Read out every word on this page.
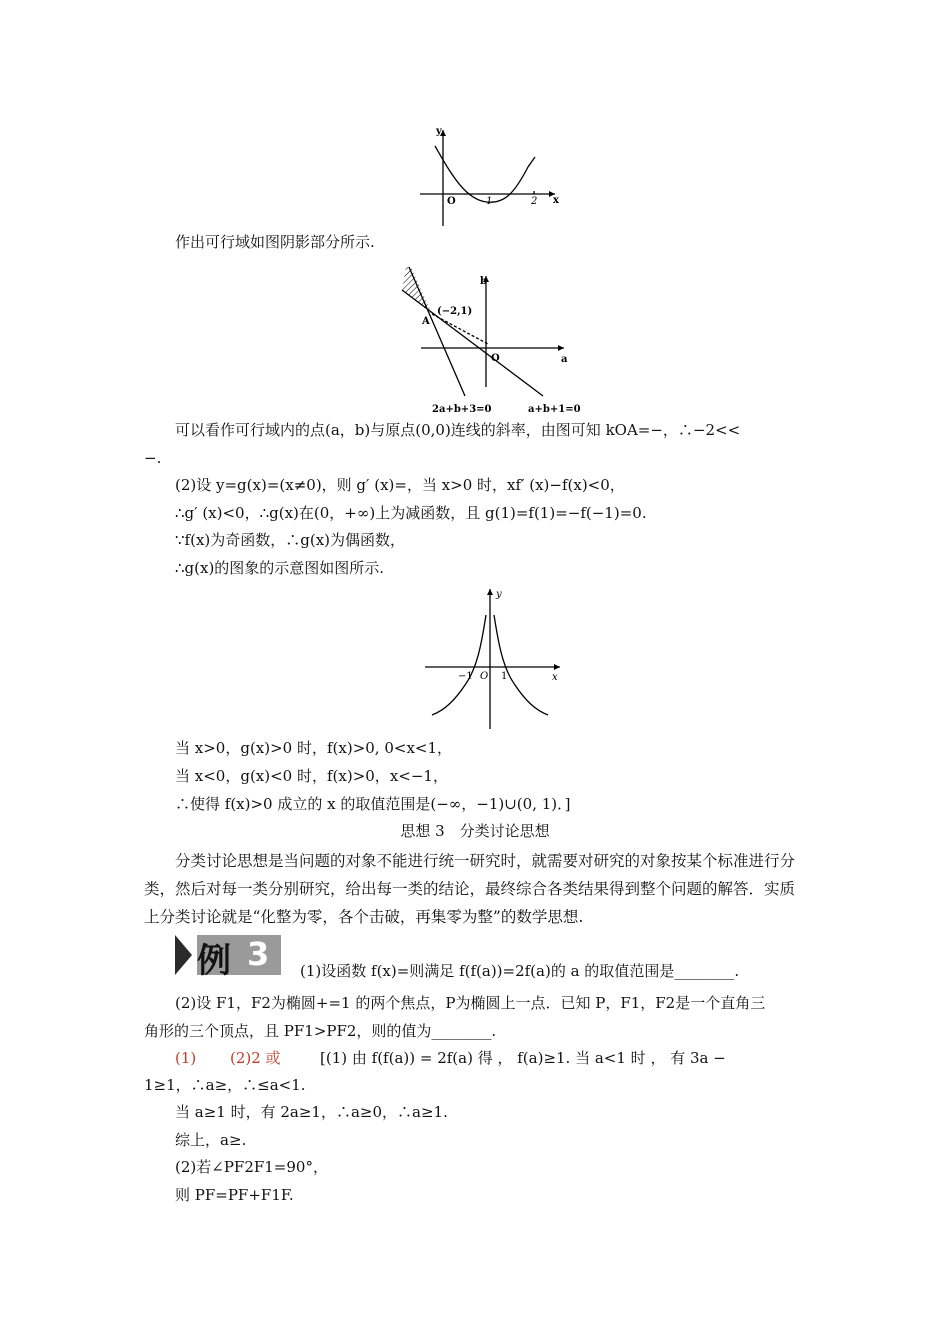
y
O	1	2 x
作出可行域如图阴影部分所示.
b
a
O
A
(−2,1)
2a+b+3=0	a+b+1=0
可以看作可行域内的点(a，b)与原点(0,0)连线的斜率，由图可知 kOA=−，∴−2<<
−.
(2)设 y=g(x)=(x≠0)，则 g′ (x)=，当 x>0 时，xf′ (x)−f(x)<0，
∴g′ (x)<0，∴g(x)在(0，+∞)上为减函数，且 g(1)=f(1)=−f(−1)=0.
∵f(x)为奇函数，∴g(x)为偶函数，
∴g(x)的图象的示意图如图所示.
y
−1 O 1	x
当 x>0，g(x)>0 时，f(x)>0, 0<x<1，
当 x<0，g(x)<0 时，f(x)>0，x<−1，
∴使得 f(x)>0 成立的 x 的取值范围是(−∞，−1)∪(0, 1)．]
思想 3　分类讨论思想
分类讨论思想是当问题的对象不能进行统一研究时，就需要对研究的对象按某个标准进行分类，然后对每一类分别研究，给出每一类的结论，最终综合各类结果得到整个问题的解答．实质上分类讨论就是“化整为零，各个击破，再集零为整”的数学思想.
例 3 (1)设函数 f(x)=则满足 f(f(a))=2f(a)的 a 的取值范围是________.
(2)设 F1，F2为椭圆+=1 的两个焦点，P为椭圆上一点．已知 P，F1，F2是一个直角三
角形的三个顶点，且 PF1>PF2，则的值为________.
(1) (2)2 或	[(1) 由 f(f(a)) = 2f(a) 得 ， f(a)≥1. 当 a<1 时 ， 有 3a −
1≥1，∴a≥，∴≤a<1.
当 a≥1 时，有 2a≥1，∴a≥0，∴a≥1.
综上，a≥.
(2)若∠PF2F1=90°，
则 PF=PF+F1F.
